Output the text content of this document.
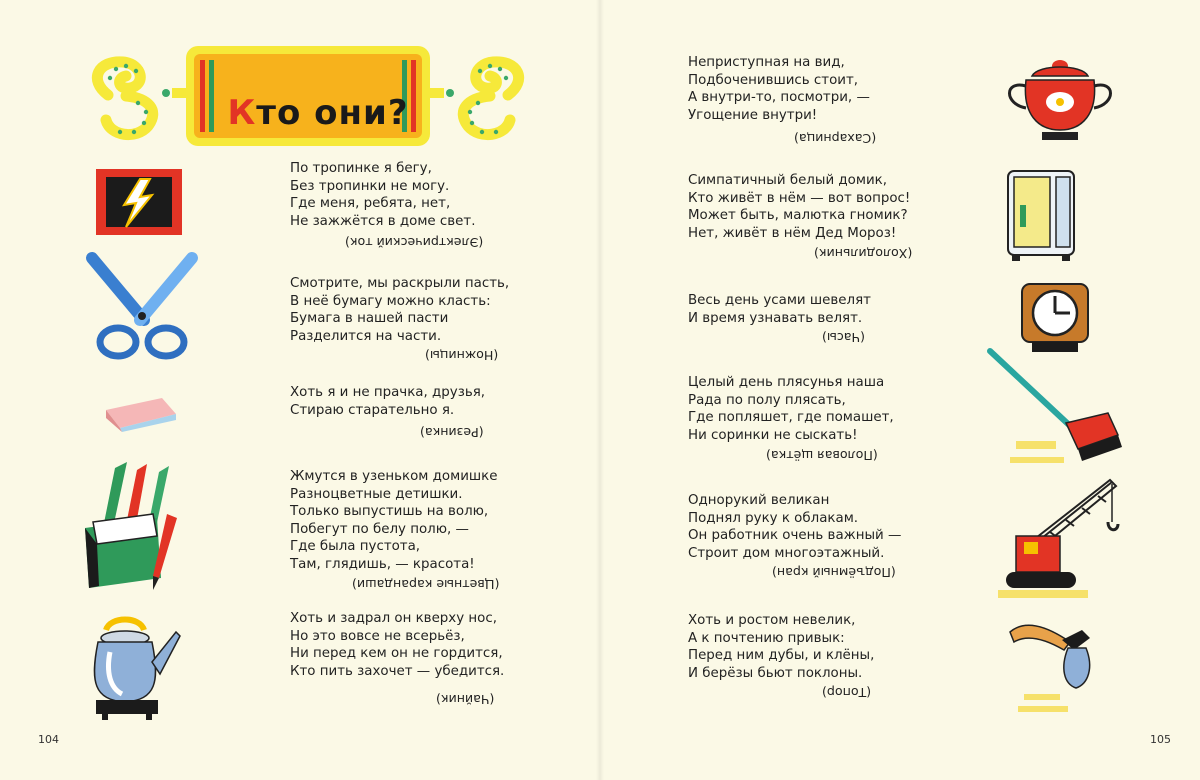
Кто они?
По тропинке я бегу,
Без тропинки не могу.
Где меня, ребята, нет,
Не зажжётся в доме свет.
(Электрический ток)
Смотрите, мы раскрыли пасть,
В неё бумагу можно класть:
Бумага в нашей пасти
Разделится на части.
(Ножницы)
Хоть я и не прачка, друзья,
Стираю старательно я.
(Резинка)
Жмутся в узеньком домишке
Разноцветные детишки.
Только выпустишь на волю,
Побегут по белу полю, —
Где была пустота,
Там, глядишь, — красота!
(Цветные карандаши)
Хоть и задрал он кверху нос,
Но это вовсе не всерьёз,
Ни перед кем он не гордится,
Кто пить захочет — убедится.
(Чайник)
104
Неприступная на вид,
Подбоченившись стоит,
А внутри-то, посмотри, —
Угощение внутри!
(Сахарница)
Симпатичный белый домик,
Кто живёт в нём — вот вопрос!
Может быть, малютка гномик?
Нет, живёт в нём Дед Мороз!
(Холодильник)
Весь день усами шевелят
И время узнавать велят.
(Часы)
Целый день плясунья наша
Рада по полу плясать,
Где попляшет, где помашет,
Ни соринки не сыскать!
(Половая щётка)
Однорукий великан
Поднял руку к облакам.
Он работник очень важный —
Строит дом многоэтажный.
(Подъёмный кран)
Хоть и ростом невелик,
А к почтению привык:
Перед ним дубы, и клёны,
И берёзы бьют поклоны.
(Топор)
105
